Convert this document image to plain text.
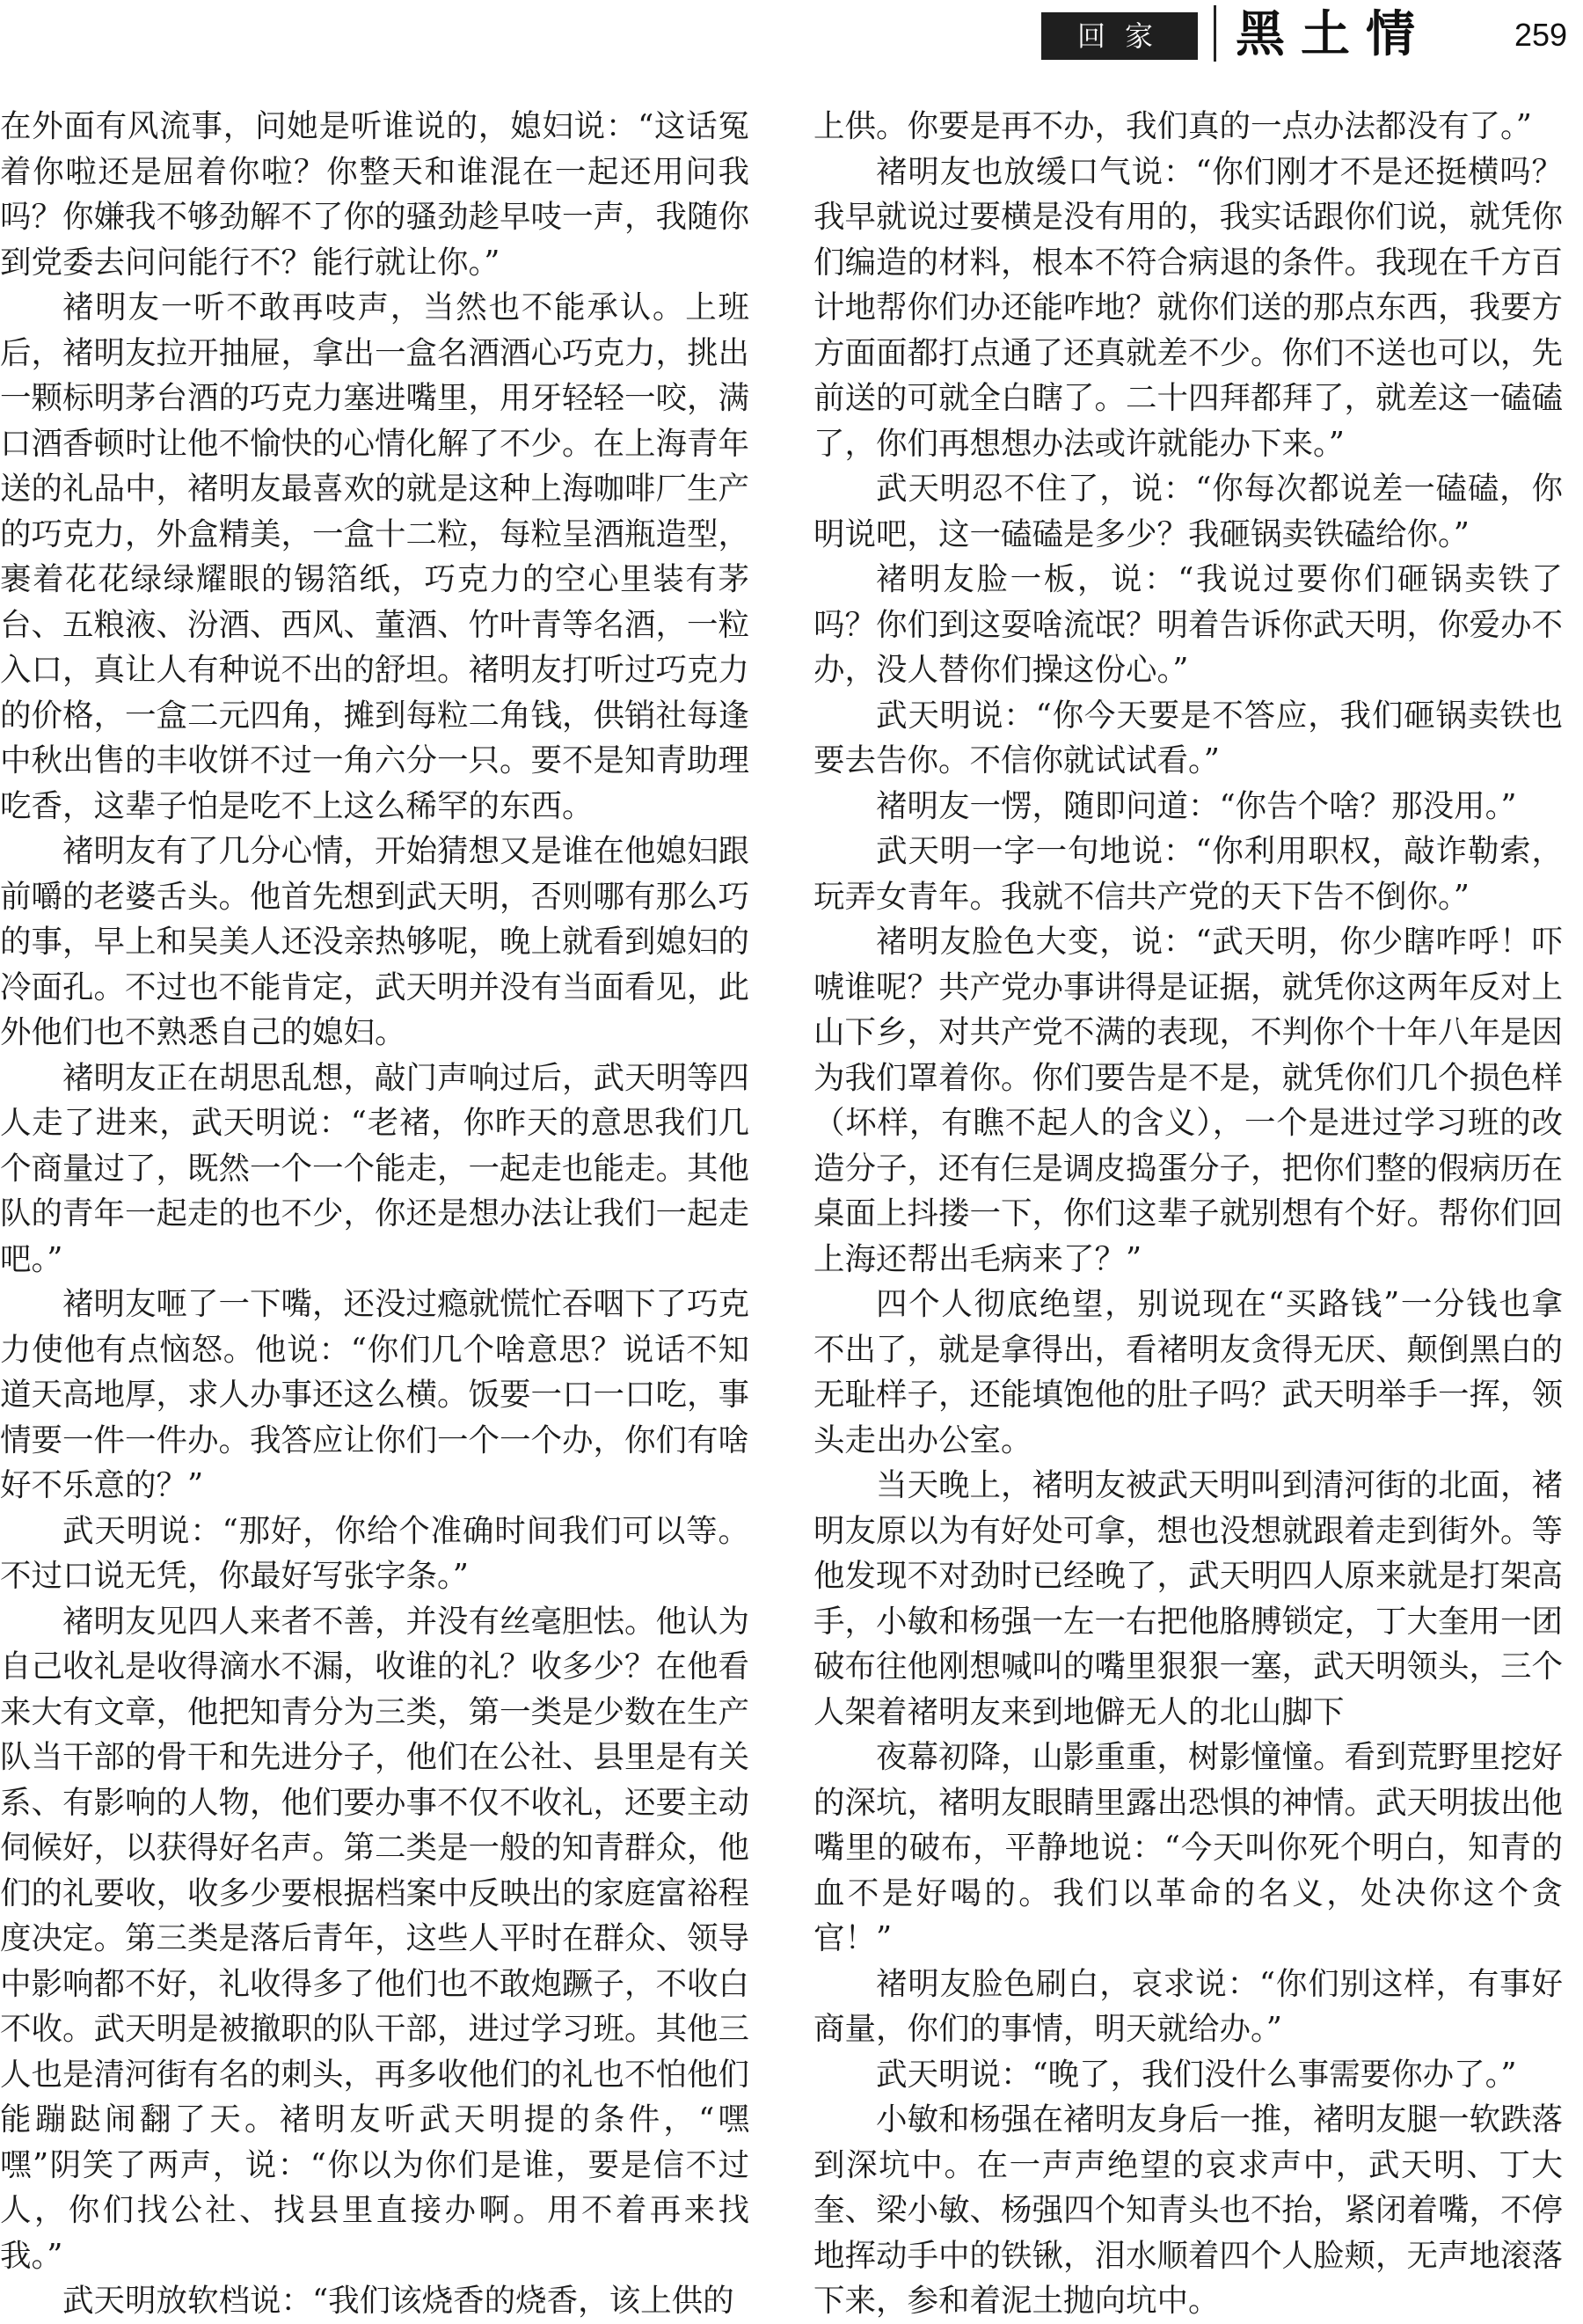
回家	黑土情	259

在外面有风流事，问她是听谁说的，媳妇说：“这话冤着你啦还是屈着你啦？你整天和谁混在一起还用问我吗？你嫌我不够劲解不了你的骚劲趁早吱一声，我随你到党委去问问能行不？能行就让你。”

褚明友一听不敢再吱声，当然也不能承认。上班后，褚明友拉开抽屉，拿出一盒名酒酒心巧克力，挑出一颗标明茅台酒的巧克力塞进嘴里，用牙轻轻一咬，满口酒香顿时让他不愉快的心情化解了不少。在上海青年送的礼品中，褚明友最喜欢的就是这种上海咖啡厂生产的巧克力，外盒精美，一盒十二粒，每粒呈酒瓶造型，裹着花花绿绿耀眼的锡箔纸，巧克力的空心里装有茅台、五粮液、汾酒、西风、董酒、竹叶青等名酒，一粒入口，真让人有种说不出的舒坦。褚明友打听过巧克力的价格，一盒二元四角，摊到每粒二角钱，供销社每逢中秋出售的丰收饼不过一角六分一只。要不是知青助理吃香，这辈子怕是吃不上这么稀罕的东西。

褚明友有了几分心情，开始猜想又是谁在他媳妇跟前嚼的老婆舌头。他首先想到武天明，否则哪有那么巧的事，早上和吴美人还没亲热够呢，晚上就看到媳妇的冷面孔。不过也不能肯定，武天明并没有当面看见，此外他们也不熟悉自己的媳妇。

褚明友正在胡思乱想，敲门声响过后，武天明等四人走了进来，武天明说：“老褚，你昨天的意思我们几个商量过了，既然一个一个能走，一起走也能走。其他队的青年一起走的也不少，你还是想办法让我们一起走吧。”

褚明友咂了一下嘴，还没过瘾就慌忙吞咽下了巧克力使他有点恼怒。他说：“你们几个啥意思？说话不知道天高地厚，求人办事还这么横。饭要一口一口吃，事情要一件一件办。我答应让你们一个一个办，你们有啥好不乐意的？”

武天明说：“那好，你给个准确时间我们可以等。不过口说无凭，你最好写张字条。”

褚明友见四人来者不善，并没有丝毫胆怯。他认为自己收礼是收得滴水不漏，收谁的礼？收多少？在他看来大有文章，他把知青分为三类，第一类是少数在生产队当干部的骨干和先进分子，他们在公社、县里是有关系、有影响的人物，他们要办事不仅不收礼，还要主动伺候好，以获得好名声。第二类是一般的知青群众，他们的礼要收，收多少要根据档案中反映出的家庭富裕程度决定。第三类是落后青年，这些人平时在群众、领导中影响都不好，礼收得多了他们也不敢炮蹶子，不收白不收。武天明是被撤职的队干部，进过学习班。其他三人也是清河街有名的刺头，再多收他们的礼也不怕他们能蹦跶闹翻了天。褚明友听武天明提的条件，“嘿嘿”阴笑了两声，说：“你以为你们是谁，要是信不过人，你们找公社、找县里直接办啊。用不着再来找我。”

武天明放软档说：“我们该烧香的烧香，该上供的

上供。你要是再不办，我们真的一点办法都没有了。”

褚明友也放缓口气说：“你们刚才不是还挺横吗？我早就说过要横是没有用的，我实话跟你们说，就凭你们编造的材料，根本不符合病退的条件。我现在千方百计地帮你们办还能咋地？就你们送的那点东西，我要方方面面都打点通了还真就差不少。你们不送也可以，先前送的可就全白瞎了。二十四拜都拜了，就差这一磕磕了，你们再想想办法或许就能办下来。”

武天明忍不住了，说：“你每次都说差一磕磕，你明说吧，这一磕磕是多少？我砸锅卖铁磕给你。”

褚明友脸一板，说：“我说过要你们砸锅卖铁了吗？你们到这耍啥流氓？明着告诉你武天明，你爱办不办，没人替你们操这份心。”

武天明说：“你今天要是不答应，我们砸锅卖铁也要去告你。不信你就试试看。”

褚明友一愣，随即问道：“你告个啥？那没用。”

武天明一字一句地说：“你利用职权，敲诈勒索，玩弄女青年。我就不信共产党的天下告不倒你。”

褚明友脸色大变，说：“武天明，你少瞎咋呼！吓唬谁呢？共产党办事讲得是证据，就凭你这两年反对上山下乡，对共产党不满的表现，不判你个十年八年是因为我们罩着你。你们要告是不是，就凭你们几个损色样（坏样，有瞧不起人的含义），一个是进过学习班的改造分子，还有仨是调皮捣蛋分子，把你们整的假病历在桌面上抖搂一下，你们这辈子就别想有个好。帮你们回上海还帮出毛病来了？”

四个人彻底绝望，别说现在“买路钱”一分钱也拿不出了，就是拿得出，看褚明友贪得无厌、颠倒黑白的无耻样子，还能填饱他的肚子吗？武天明举手一挥，领头走出办公室。

当天晚上，褚明友被武天明叫到清河街的北面，褚明友原以为有好处可拿，想也没想就跟着走到街外。等他发现不对劲时已经晚了，武天明四人原来就是打架高手，小敏和杨强一左一右把他胳膊锁定，丁大奎用一团破布往他刚想喊叫的嘴里狠狠一塞，武天明领头，三个人架着褚明友来到地僻无人的北山脚下

夜幕初降，山影重重，树影憧憧。看到荒野里挖好的深坑，褚明友眼睛里露出恐惧的神情。武天明拔出他嘴里的破布，平静地说：“今天叫你死个明白，知青的血不是好喝的。我们以革命的名义，处决你这个贪官！”

褚明友脸色刷白，哀求说：“你们别这样，有事好商量，你们的事情，明天就给办。”

武天明说：“晚了，我们没什么事需要你办了。”

小敏和杨强在褚明友身后一推，褚明友腿一软跌落到深坑中。在一声声绝望的哀求声中，武天明、丁大奎、梁小敏、杨强四个知青头也不抬，紧闭着嘴，不停地挥动手中的铁锹，泪水顺着四个人脸颊，无声地滚落下来，参和着泥土抛向坑中。
